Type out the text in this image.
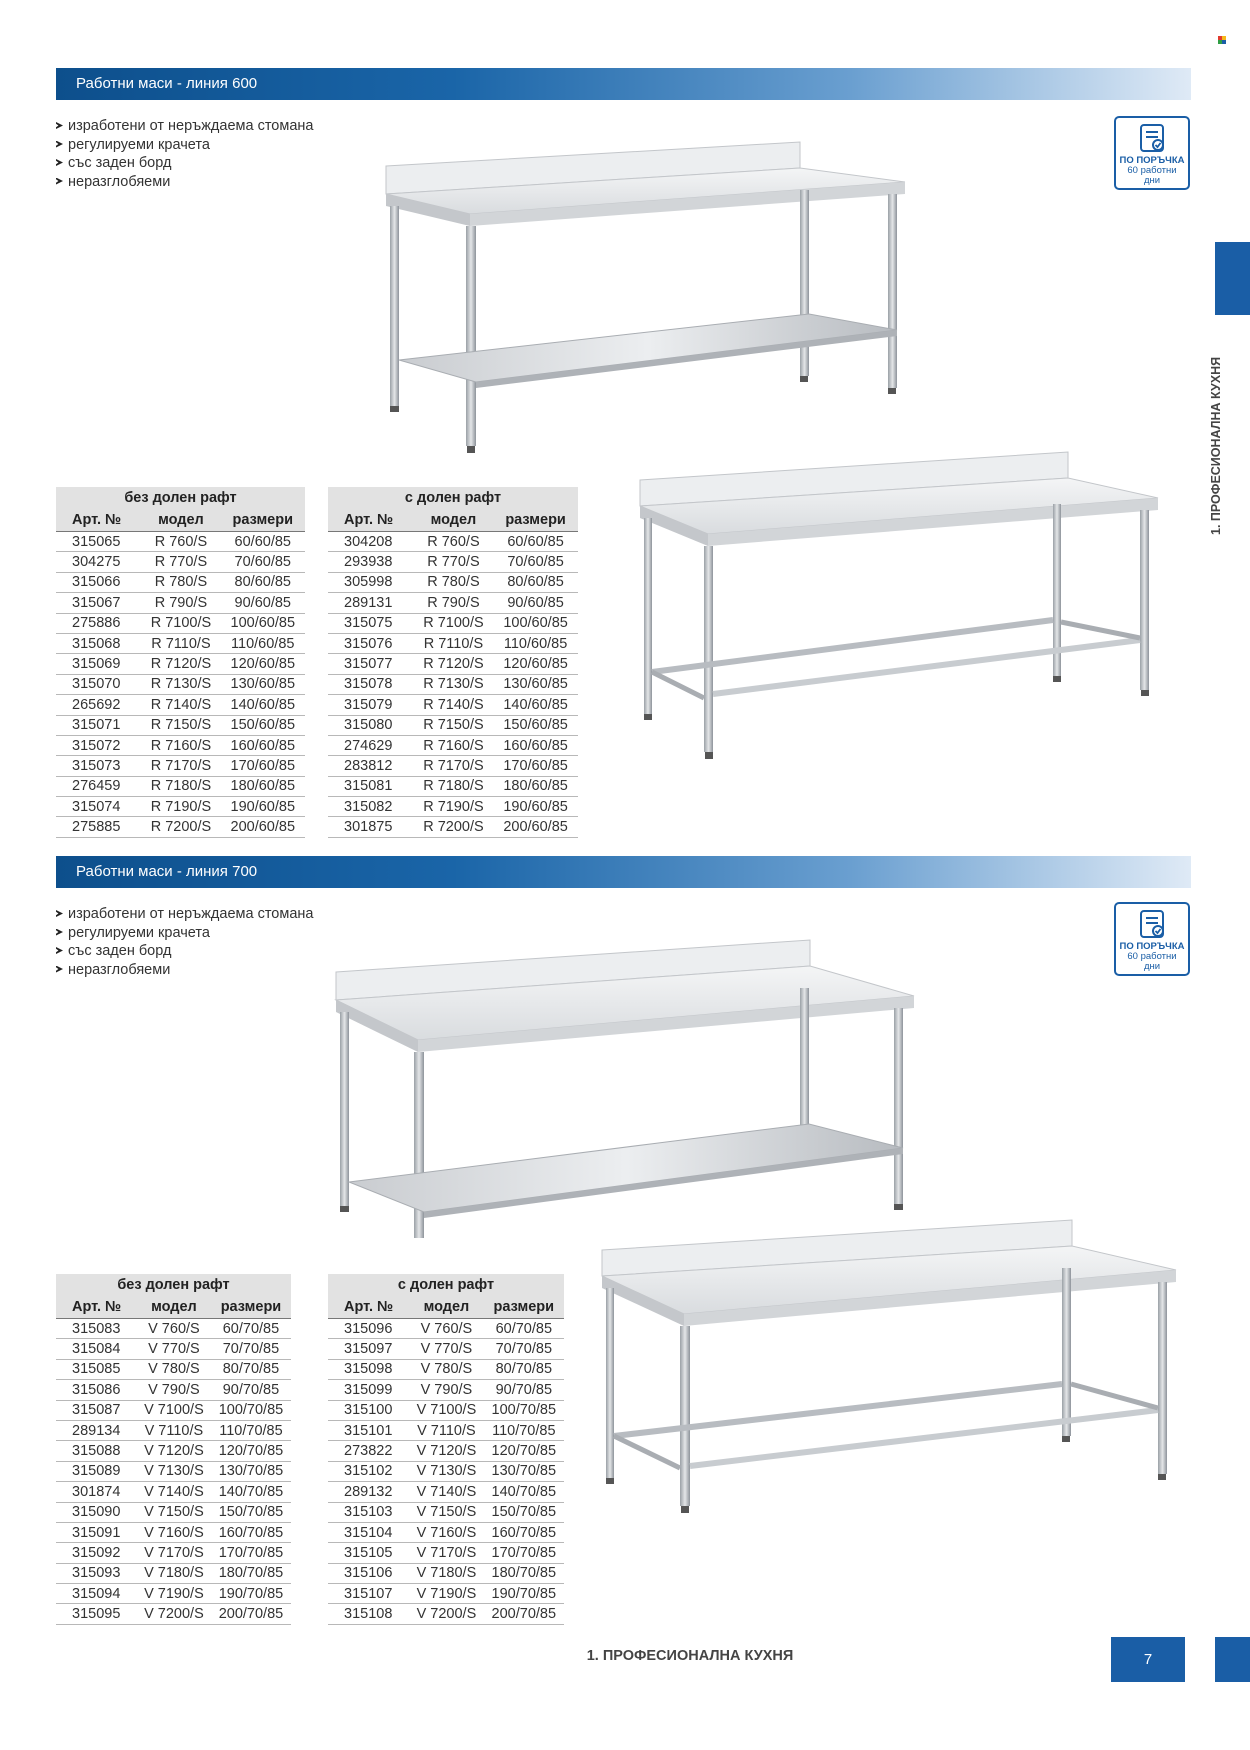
1. ПРОФЕСИОНАЛНА КУХНЯ
Работни маси - линия 600
изработени от неръждаема стомана
регулируеми крачета
със заден борд
неразглобяеми
ПО ПОРЪЧКА
60 работни
дни
без долен рафт		
Арт. №	модел	размери
315065	R 760/S	60/60/85
304275	R 770/S	70/60/85
315066	R 780/S	80/60/85
315067	R 790/S	90/60/85
275886	R 7100/S	100/60/85
315068	R 7110/S	110/60/85
315069	R 7120/S	120/60/85
315070	R 7130/S	130/60/85
265692	R 7140/S	140/60/85
315071	R 7150/S	150/60/85
315072	R 7160/S	160/60/85
315073	R 7170/S	170/60/85
276459	R 7180/S	180/60/85
315074	R 7190/S	190/60/85
275885	R 7200/S	200/60/85
с долен рафт		
Арт. №	модел	размери
304208	R 760/S	60/60/85
293938	R 770/S	70/60/85
305998	R 780/S	80/60/85
289131	R 790/S	90/60/85
315075	R 7100/S	100/60/85
315076	R 7110/S	110/60/85
315077	R 7120/S	120/60/85
315078	R 7130/S	130/60/85
315079	R 7140/S	140/60/85
315080	R 7150/S	150/60/85
274629	R 7160/S	160/60/85
283812	R 7170/S	170/60/85
315081	R 7180/S	180/60/85
315082	R 7190/S	190/60/85
301875	R 7200/S	200/60/85
Работни маси - линия 700
изработени от неръждаема стомана
регулируеми крачета
със заден борд
неразглобяеми
ПО ПОРЪЧКА
60 работни
дни
без долен рафт		
Арт. №	модел	размери
315083	V 760/S	60/70/85
315084	V 770/S	70/70/85
315085	V 780/S	80/70/85
315086	V 790/S	90/70/85
315087	V 7100/S	100/70/85
289134	V 7110/S	110/70/85
315088	V 7120/S	120/70/85
315089	V 7130/S	130/70/85
301874	V 7140/S	140/70/85
315090	V 7150/S	150/70/85
315091	V 7160/S	160/70/85
315092	V 7170/S	170/70/85
315093	V 7180/S	180/70/85
315094	V 7190/S	190/70/85
315095	V 7200/S	200/70/85
с долен рафт		
Арт. №	модел	размери
315096	V 760/S	60/70/85
315097	V 770/S	70/70/85
315098	V 780/S	80/70/85
315099	V 790/S	90/70/85
315100	V 7100/S	100/70/85
315101	V 7110/S	110/70/85
273822	V 7120/S	120/70/85
315102	V 7130/S	130/70/85
289132	V 7140/S	140/70/85
315103	V 7150/S	150/70/85
315104	V 7160/S	160/70/85
315105	V 7170/S	170/70/85
315106	V 7180/S	180/70/85
315107	V 7190/S	190/70/85
315108	V 7200/S	200/70/85
1. ПРОФЕСИОНАЛНА КУХНЯ	7
